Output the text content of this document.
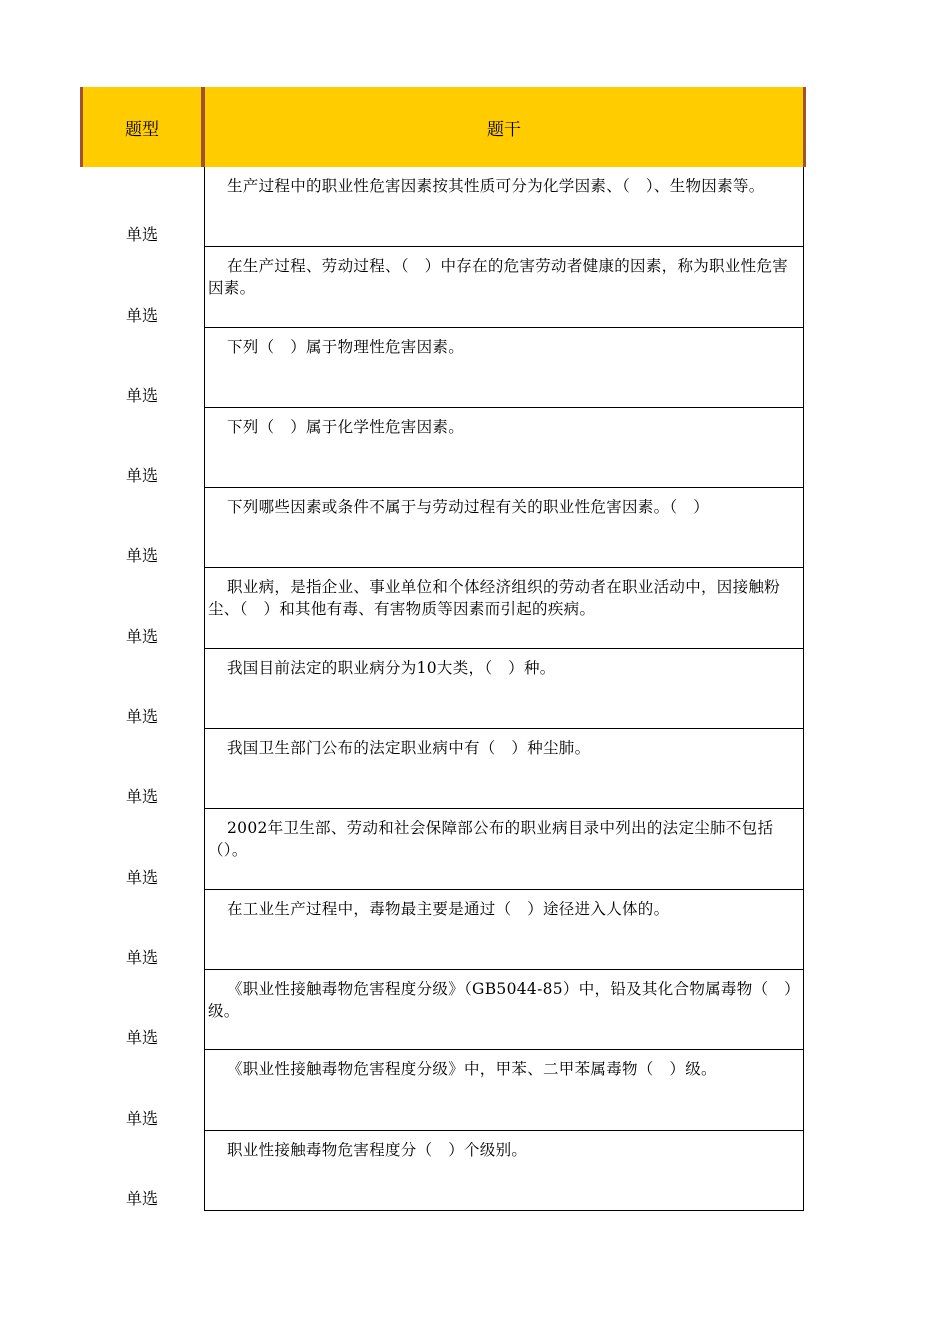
题型	题干
单选
生产过程中的职业性危害因素按其性质可分为化学因素、（　）、生物因素等。
单选
在生产过程、劳动过程、（　）中存在的危害劳动者健康的因素，称为职业性危害因素。
单选
下列（　）属于物理性危害因素。
单选
下列（　）属于化学性危害因素。
单选
下列哪些因素或条件不属于与劳动过程有关的职业性危害因素。（　）
单选
职业病，是指企业、事业单位和个体经济组织的劳动者在职业活动中，因接触粉尘、（　）和其他有毒、有害物质等因素而引起的疾病。
单选
我国目前法定的职业病分为10大类，（　）种。
单选
我国卫生部门公布的法定职业病中有（　）种尘肺。
单选
2002年卫生部、劳动和社会保障部公布的职业病目录中列出的法定尘肺不包括（）。
单选
在工业生产过程中，毒物最主要是通过（　）途径进入人体的。
单选
《职业性接触毒物危害程度分级》（GB5044-85）中，铅及其化合物属毒物（　）级。
单选
《职业性接触毒物危害程度分级》中，甲苯、二甲苯属毒物（　）级。
单选
职业性接触毒物危害程度分（　）个级别。
